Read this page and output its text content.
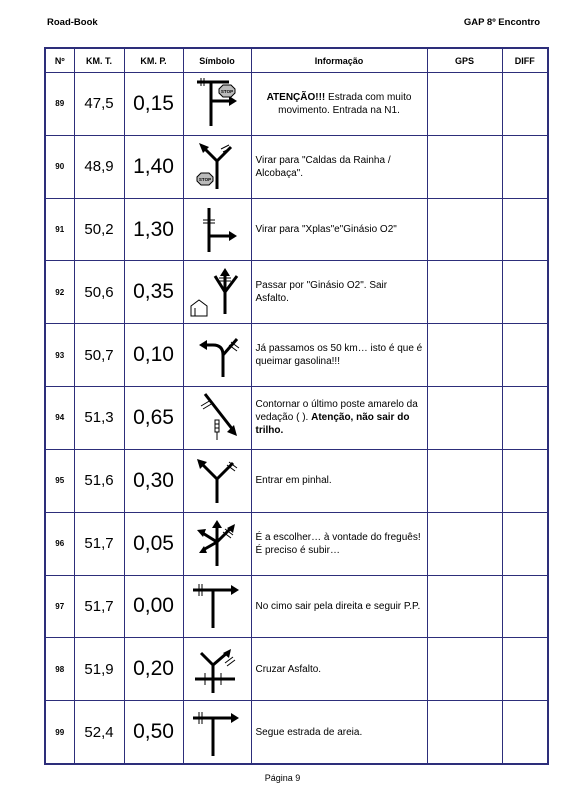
Road-Book	GAP 8º Encontro
Nº	KM. T.	KM. P.	Símbolo	Informação	GPS	DIFF
89	47,5	0,15	STOP	ATENÇÃO!!! Estrada com muito movimento. Entrada na N1.		
90	48,9	1,40	STOP	Virar para "Caldas da Rainha / Alcobaça".		
91	50,2	1,30		Virar para "Xplas"e"Ginásio O2"		
92	50,6	0,35		Passar por "Ginásio O2". Sair Asfalto.		
93	50,7	0,10		Já passamos os 50 km… isto é que é queimar gasolina!!!		
94	51,3	0,65		Contornar o último poste amarelo da vedação ( ). Atenção, não sair do trilho.		
95	51,6	0,30		Entrar em pinhal.		
96	51,7	0,05		É a escolher… à vontade do freguês! É preciso é subir…		
97	51,7	0,00		No cimo sair pela direita e seguir P.P.		
98	51,9	0,20		Cruzar Asfalto.		
99	52,4	0,50		Segue estrada de areia.		
Página 9
